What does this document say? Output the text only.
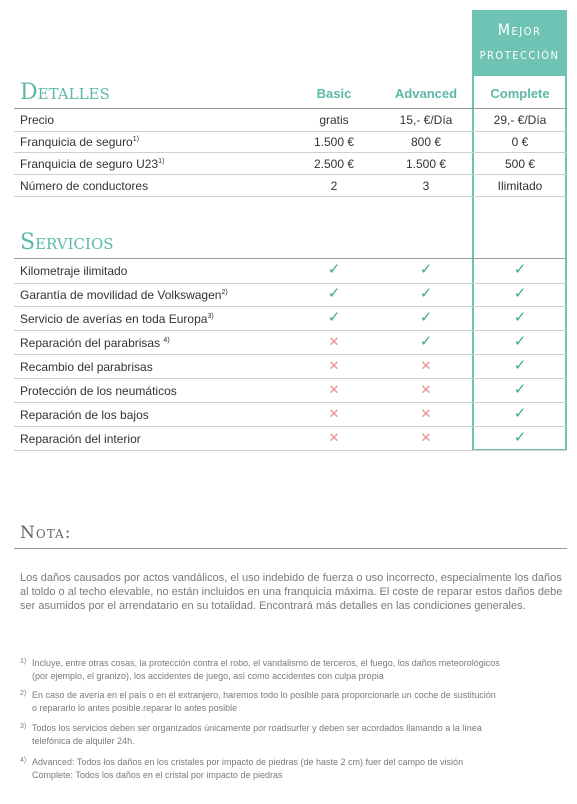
Mejor
protección
Detalles	Basic	Advanced	Complete
Precio	gratis	15,- €/Día	29,- €/Día
Franquicia de seguro$^{1)}$	1.500 €	800 €	0 €
Franquicia de seguro U23$^{1)}$	2.500 €	1.500 €	500 €
Número de conductores	2	3	Ilimitado
Servicios
Kilometraje ilimitado	✓	✓	✓
Garantía de movilidad de Volkswagen$^{2)}$	✓	✓	✓
Servicio de averías en toda Europa$^{3)}$	✓	✓	✓
Reparación del parabrisas $^{4)}$	✕	✓	✓
Recambio del parabrisas	✕	✕	✓
Protección de los neumáticos	✕	✕	✓
Reparación de los bajos	✕	✕	✓
Reparación del interior	✕	✕	✓
Nota:
Los daños causados por actos vandálicos, el uso indebido de fuerza o uso incorrecto, especialmente los daños al toldo o al techo elevable, no están incluidos en una franquicia máxima. El coste de reparar estos daños debe ser asumidos por el arrendatario en su totalidad. Encontrará más detalles en las condiciones generales.
1) Incluye, entre otras cosas, la protección contra el robo, el vandalismo de terceros, el fuego, los daños meteorológicos
(por ejemplo, el granizo), los accidentes de juego, así como accidentes con culpa propia
2) En caso de avería en el país o en el extranjero, haremos todo lo posible para proporcionarle un coche de sustitución
o repararlo lo antes posible.reparar lo antes posible
3) Todos los servicios deben ser organizados únicamente por roadsurfer y deben ser acordados llamando a la línea
telefónica de alquiler 24h.
4) Advanced: Todos los daños en los cristales por impacto de piedras (de haste 2 cm) fuer del campo de visión
Complete: Todos los daños en el cristal por impacto de piedras
